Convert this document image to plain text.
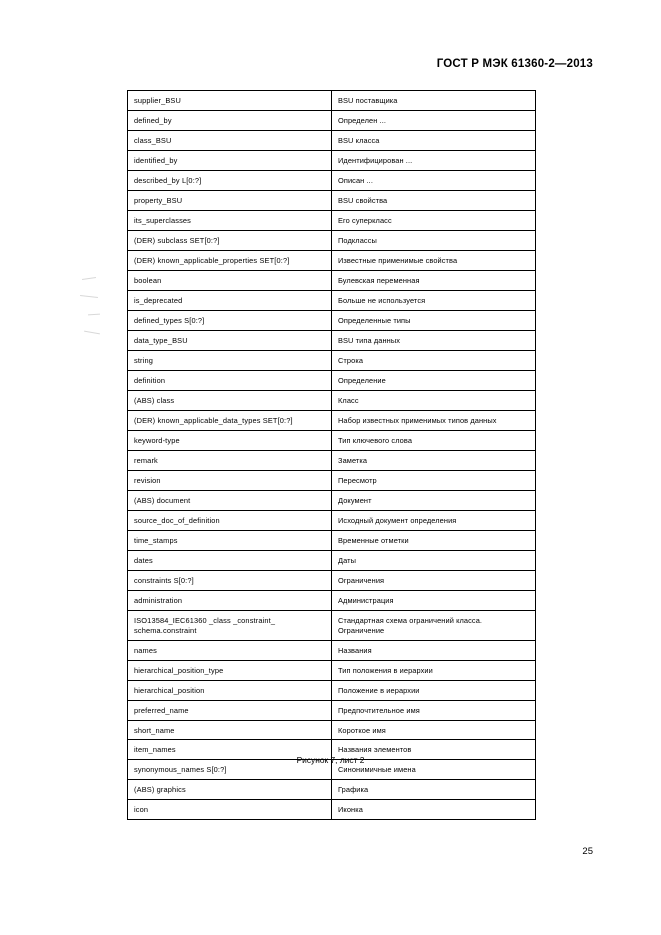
ГОСТ Р МЭК 61360-2—2013
supplier_BSU	BSU поставщика
defined_by	Определен ...
class_BSU	BSU класса
identified_by	Идентифицирован ...
described_by L[0:?]	Описан ...
property_BSU	BSU свойства
its_superclasses	Его суперкласс
(DER) subclass SET[0:?]	Подклассы
(DER) known_applicable_properties SET[0:?]	Известные применимые свойства
boolean	Булевская переменная
is_deprecated	Больше не используется
defined_types S[0:?]	Определенные типы
data_type_BSU	BSU типа данных
string	Строка
definition	Определение
(ABS) class	Класс
(DER) known_applicable_data_types SET[0:?]	Набор известных применимых типов данных
keyword-type	Тип ключевого слова
remark	Заметка
revision	Пересмотр
(ABS) document	Документ
source_doc_of_definition	Исходный документ определения
time_stamps	Временные отметки
dates	Даты
constraints S[0:?]	Ограничения
administration	Администрация
ISO13584_IEC61360 _class _constraint_ schema.constraint	Стандартная схема ограничений класса. Ограничение
names	Названия
hierarchical_position_type	Тип положения в иерархии
hierarchical_position	Положение в иерархии
preferred_name	Предпочтительное имя
short_name	Короткое имя
item_names	Названия элементов
synonymous_names S[0:?]	Синонимичные имена
(ABS) graphics	Графика
icon	Иконка
Рисунок 7, лист 2
25
